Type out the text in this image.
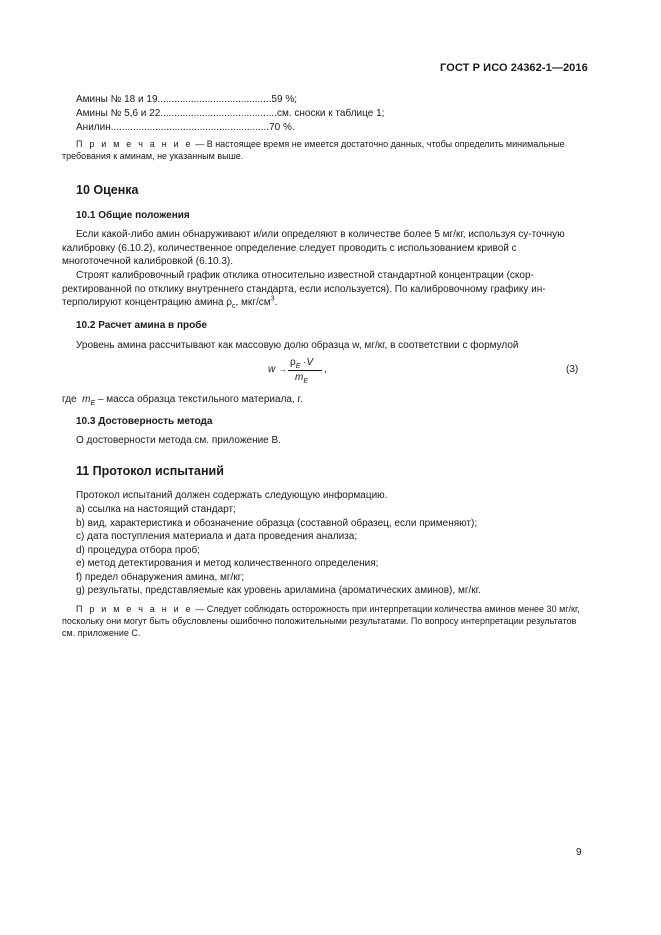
ГОСТ Р ИСО 24362-1—2016
Амины № 18 и 19.........................................59 %;
Амины № 5,6 и 22..........................................см. сноски к таблице 1;
Анилин.........................................................70 %.
П р и м е ч а н и е — В настоящее время не имеется достаточно данных, чтобы определить минимальные требования к аминам, не указанным выше.
10 Оценка
10.1 Общие положения
Если какой-либо амин обнаруживают и/или определяют в количестве более 5 мг/кг, используя су-точную калибровку (6.10.2), количественное определение следует проводить с использованием кривой с многоточечной калибровкой (6.10.3).
Строят калибровочный график отклика относительно известной стандартной концентрации (скор-ректированной по отклику внутреннего стандарта, если используется). По калибровочному графику ин-терполируют концентрацию амина $\rho_c$, мкг/$см^3$.
10.2 Расчет амина в пробе
Уровень амина рассчитывают как массовую долю образца w, мг/кг, в соответствии с формулой
w →
$\rho_E \cdot V$
$m_E$
,	(3)
где $m_E$ – масса образца текстильного материала, г.
10.3 Достоверность метода
О достоверности метода см. приложение В.
11 Протокол испытаний
Протокол испытаний должен содержать следующую информацию.
a) ссылка на настоящий стандарт;
b) вид, характеристика и обозначение образца (составной образец, если применяют);
c) дата поступления материала и дата проведения анализа;
d) процедура отбора проб;
e) метод детектирования и метод количественного определения;
f) предел обнаружения амина, мг/кг;
g) результаты, представляемые как уровень ариламина (ароматических аминов), мг/кг.
П р и м е ч а н и е — Следует соблюдать осторожность при интерпретации количества аминов менее 30 мг/кг, поскольку они могут быть обусловлены ошибочно положительными результатами. По вопросу интерпретации результатов см. приложение С.
9
